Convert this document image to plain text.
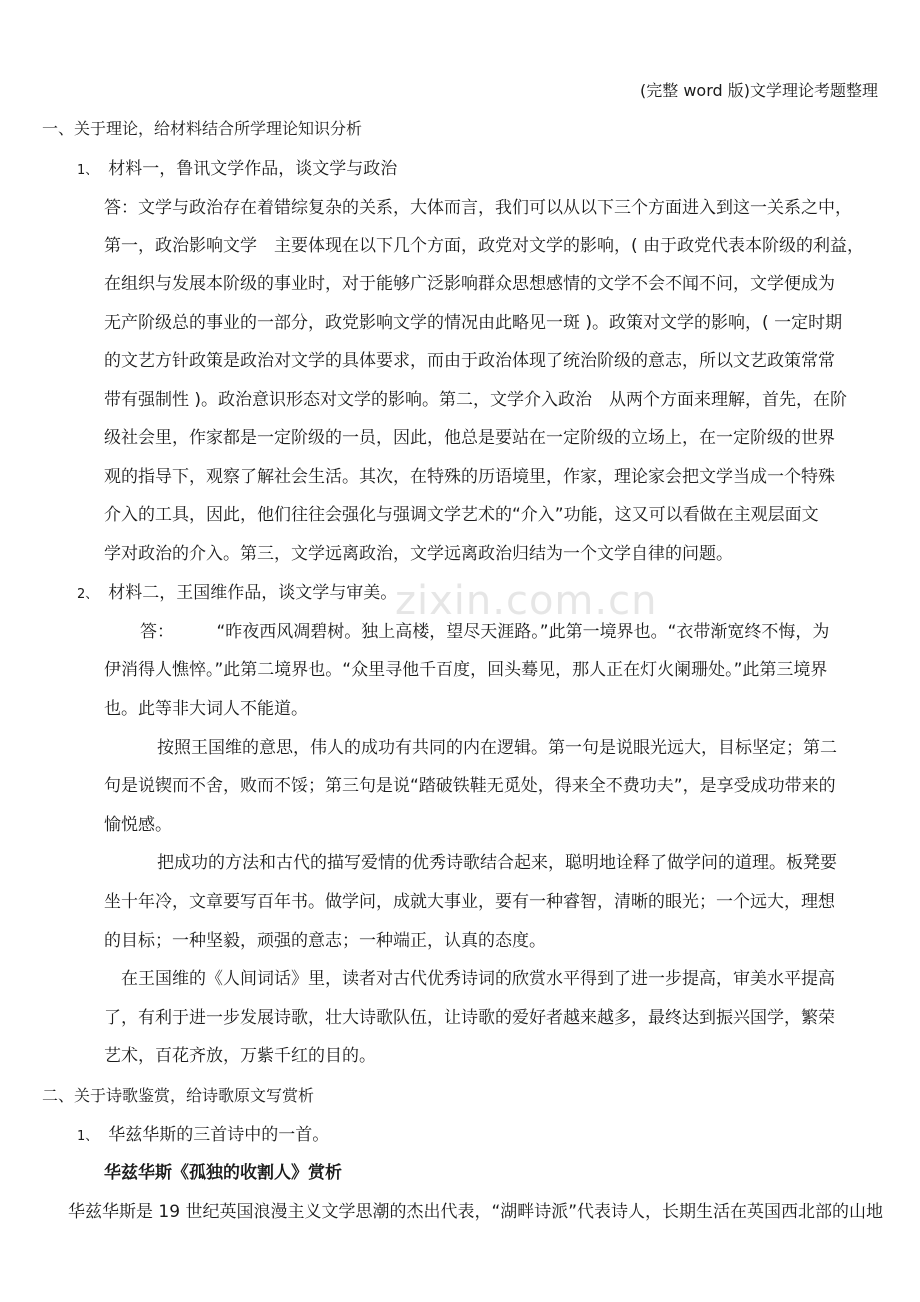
(完整 word 版)文学理论考题整理
zixin.com.cn
一、关于理论，给材料结合所学理论知识分析
1、 材料一，鲁讯文学作品，谈文学与政治
答：文学与政治存在着错综复杂的关系，大体而言，我们可以从以下三个方面进入到这一关系之中，
第一，政治影响文学　主要体现在以下几个方面，政党对文学的影响，( 由于政党代表本阶级的利益，
在组织与发展本阶级的事业时，对于能够广泛影响群众思想感情的文学不会不闻不问，文学便成为
无产阶级总的事业的一部分，政党影响文学的情况由此略见一斑 )。政策对文学的影响，( 一定时期
的文艺方针政策是政治对文学的具体要求，而由于政治体现了统治阶级的意志，所以文艺政策常常
带有强制性 )。政治意识形态对文学的影响。第二，文学介入政治　从两个方面来理解，首先，在阶
级社会里，作家都是一定阶级的一员，因此，他总是要站在一定阶级的立场上，在一定阶级的世界
观的指导下，观察了解社会生活。其次，在特殊的历语境里，作家，理论家会把文学当成一个特殊
介入的工具，因此，他们往往会强化与强调文学艺术的“介入”功能，这又可以看做在主观层面文
学对政治的介入。第三，文学远离政治，文学远离政治归结为一个文学自律的问题。
2、 材料二，王国维作品，谈文学与审美。
答：　　　“昨夜西风凋碧树。独上高楼，望尽天涯路。”此第一境界也。“衣带渐宽终不悔，为
伊消得人憔悴。”此第二境界也。“众里寻他千百度，回头蓦见，那人正在灯火阑珊处。”此第三境界
也。此等非大词人不能道。
按照王国维的意思，伟人的成功有共同的内在逻辑。第一句是说眼光远大，目标坚定；第二
句是说锲而不舍，败而不馁；第三句是说“踏破铁鞋无觅处，得来全不费功夫”，是享受成功带来的
愉悦感。
把成功的方法和古代的描写爱情的优秀诗歌结合起来，聪明地诠释了做学问的道理。板凳要
坐十年冷，文章要写百年书。做学问，成就大事业，要有一种睿智，清晰的眼光；一个远大，理想
的目标；一种坚毅，顽强的意志；一种端正，认真的态度。
在王国维的《人间词话》里，读者对古代优秀诗词的欣赏水平得到了进一步提高，审美水平提高
了，有利于进一步发展诗歌，壮大诗歌队伍，让诗歌的爱好者越来越多，最终达到振兴国学，繁荣
艺术，百花齐放，万紫千红的目的。
二、关于诗歌鉴赏，给诗歌原文写赏析
1、 华兹华斯的三首诗中的一首。
华兹华斯《孤独的收割人》赏析
华兹华斯是 19 世纪英国浪漫主义文学思潮的杰出代表，“湖畔诗派”代表诗人，长期生活在英国西北部的山地
